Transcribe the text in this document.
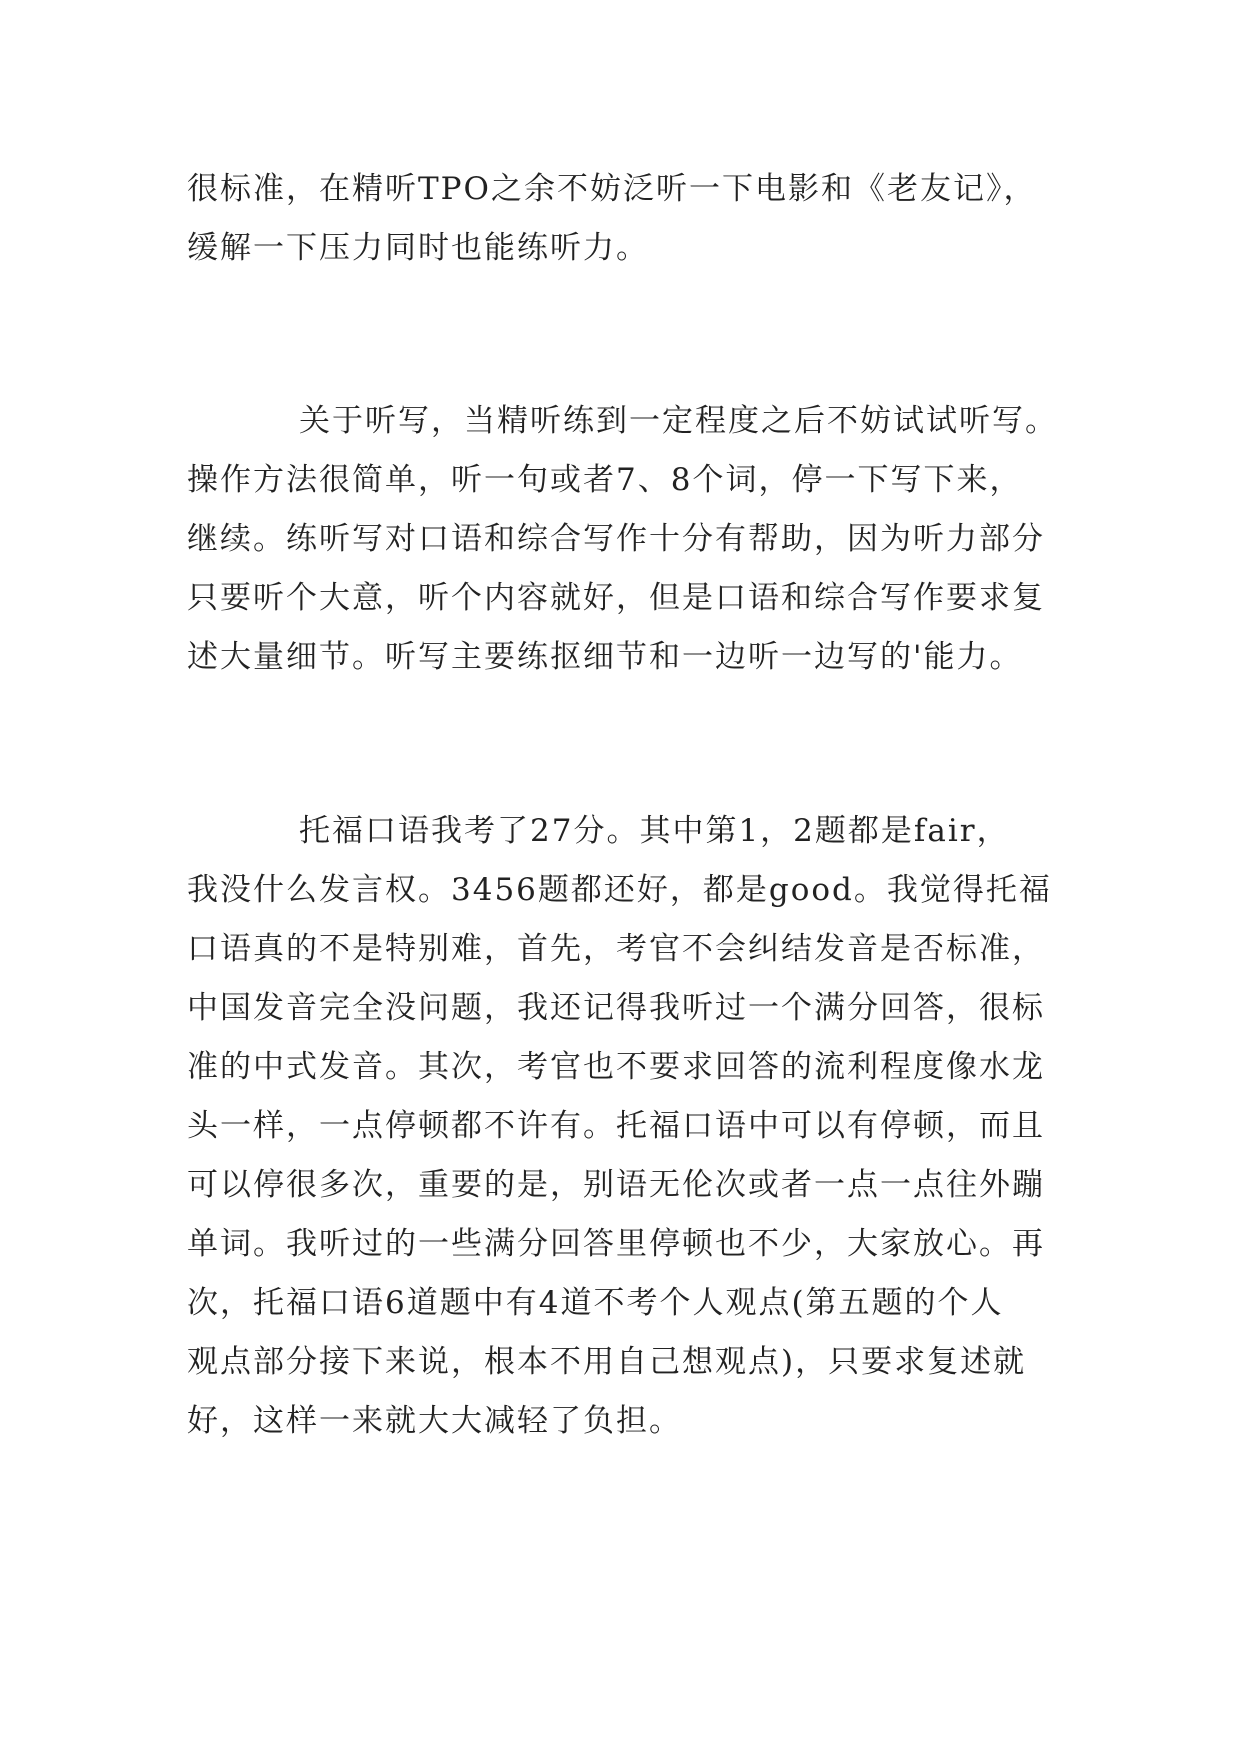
很标准，在精听TPO之余不妨泛听一下电影和《老友记》，
缓解一下压力同时也能练听力。
关于听写，当精听练到一定程度之后不妨试试听写。
操作方法很简单，听一句或者7、8个词，停一下写下来，
继续。练听写对口语和综合写作十分有帮助，因为听力部分
只要听个大意，听个内容就好，但是口语和综合写作要求复
述大量细节。听写主要练抠细节和一边听一边写的'能力。
托福口语我考了27分。其中第1，2题都是fair，
我没什么发言权。3456题都还好，都是good。我觉得托福
口语真的不是特别难，首先，考官不会纠结发音是否标准，
中国发音完全没问题，我还记得我听过一个满分回答，很标
准的中式发音。其次，考官也不要求回答的流利程度像水龙
头一样，一点停顿都不许有。托福口语中可以有停顿，而且
可以停很多次，重要的是，别语无伦次或者一点一点往外蹦
单词。我听过的一些满分回答里停顿也不少，大家放心。再
次，托福口语6道题中有4道不考个人观点(第五题的个人
观点部分接下来说，根本不用自己想观点)，只要求复述就
好，这样一来就大大减轻了负担。
